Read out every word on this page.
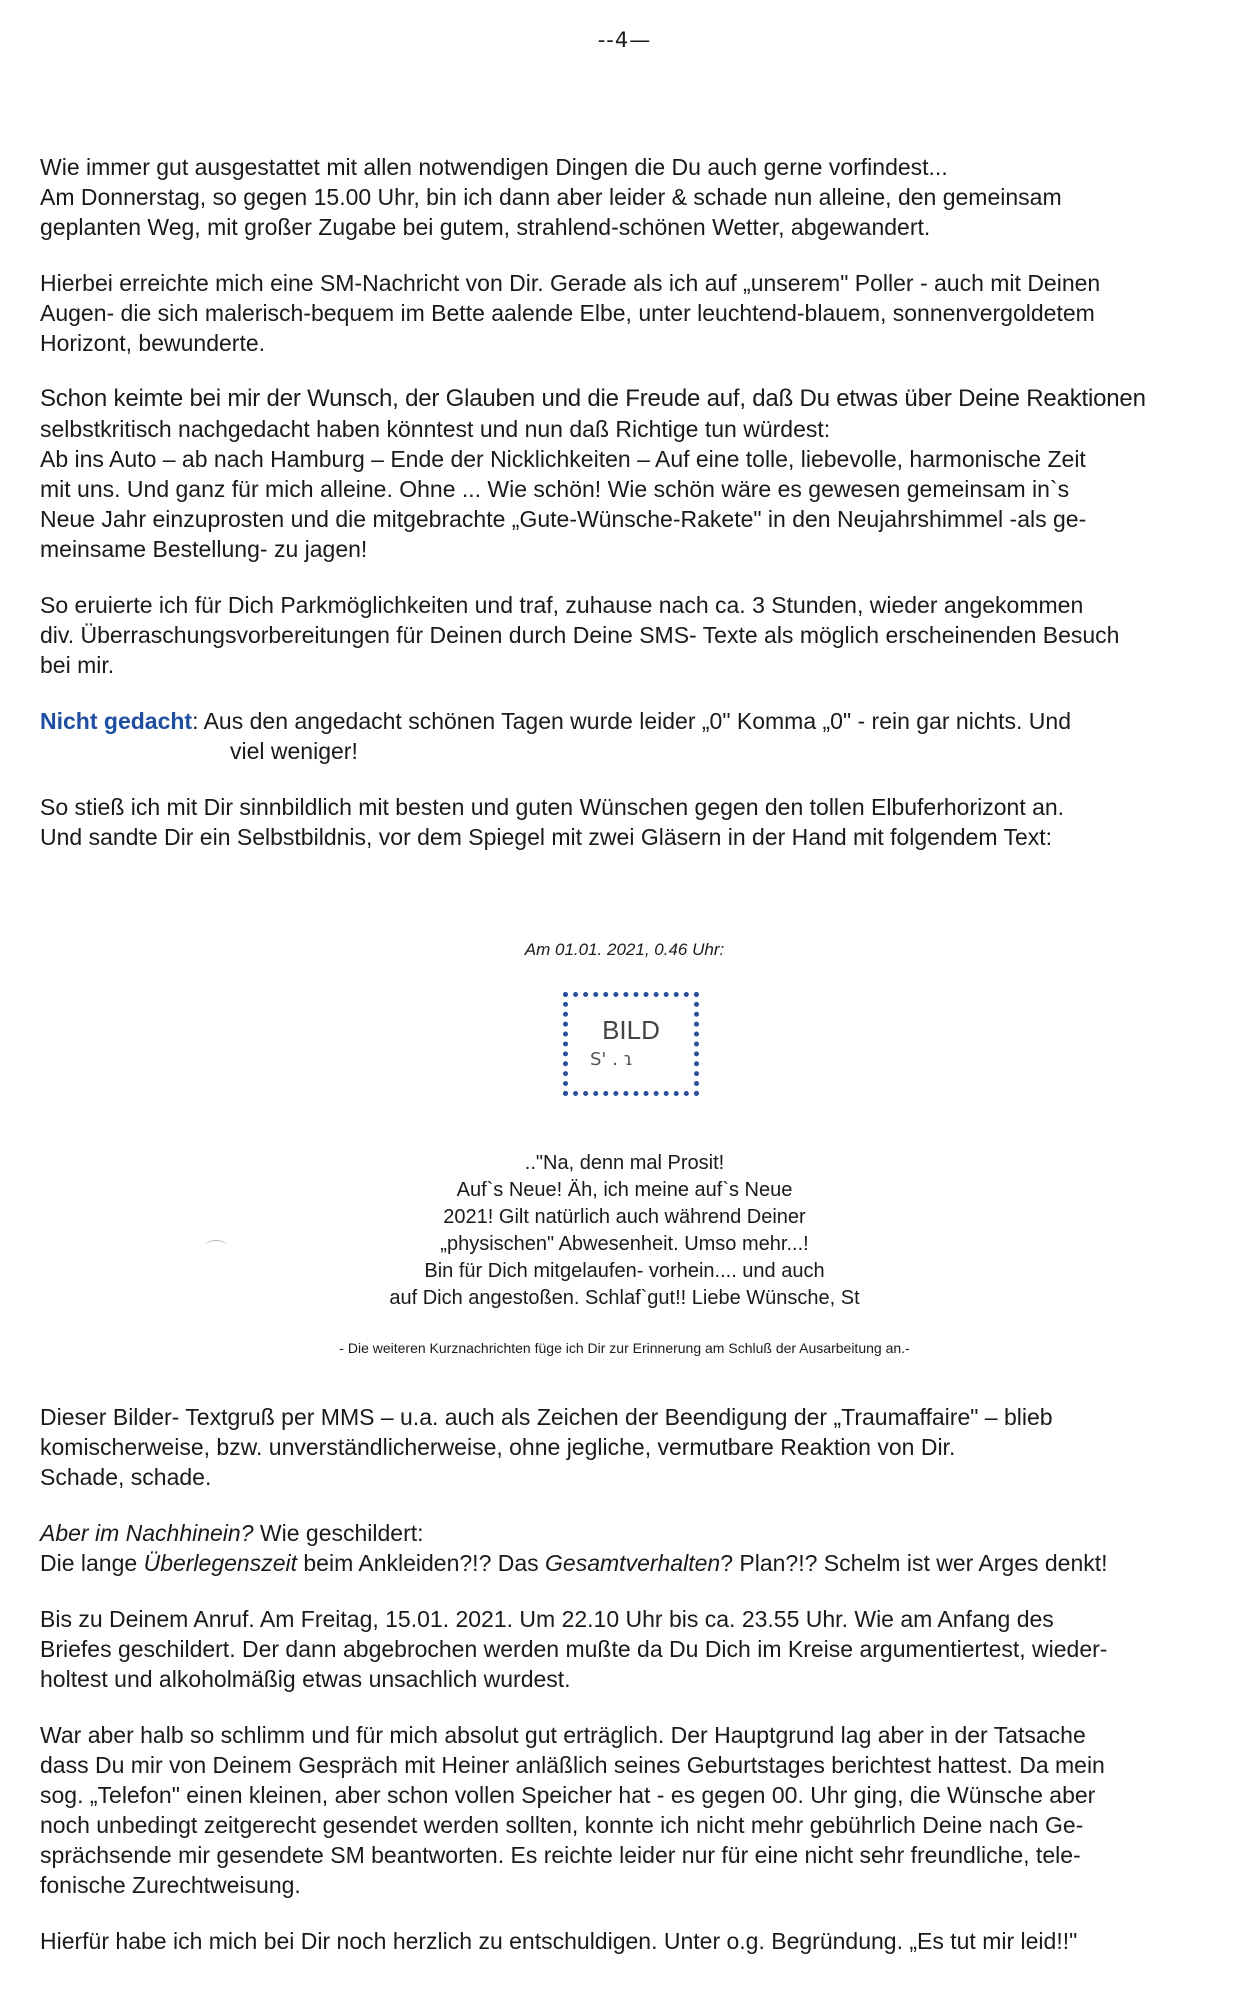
--4—
Wie immer gut ausgestattet mit allen notwendigen Dingen die Du auch gerne vorfindest...
Am Donnerstag, so gegen 15.00 Uhr, bin ich dann aber leider & schade nun alleine, den gemeinsam
geplanten Weg, mit großer Zugabe bei gutem, strahlend-schönen Wetter, abgewandert.
Hierbei erreichte mich eine SM-Nachricht von Dir. Gerade als ich auf „unserem" Poller - auch mit Deinen
Augen- die sich malerisch-bequem im Bette aalende Elbe, unter leuchtend-blauem, sonnenvergoldetem
Horizont, bewunderte.
Schon keimte bei mir der Wunsch, der Glauben und die Freude auf, daß Du etwas über Deine Reaktionen
selbstkritisch nachgedacht haben könntest und nun daß Richtige tun würdest:
Ab ins Auto – ab nach Hamburg – Ende der Nicklichkeiten – Auf eine tolle, liebevolle, harmonische Zeit
mit uns. Und ganz für mich alleine. Ohne ... Wie schön! Wie schön wäre es gewesen gemeinsam in`s
Neue Jahr einzuprosten und die mitgebrachte „Gute-Wünsche-Rakete" in den Neujahrshimmel -als ge-
meinsame Bestellung- zu jagen!
So eruierte ich für Dich Parkmöglichkeiten und traf, zuhause nach ca. 3 Stunden, wieder angekommen
div. Überraschungsvorbereitungen für Deinen durch Deine SMS- Texte als möglich erscheinenden Besuch
bei mir.
Nicht gedacht: Aus den angedacht schönen Tagen wurde leider „0" Komma „0" - rein gar nichts. Und
viel weniger!
So stieß ich mit Dir sinnbildlich mit besten und guten Wünschen gegen den tollen Elbuferhorizont an.
Und sandte Dir ein Selbstbildnis, vor dem Spiegel mit zwei Gläsern in der Hand mit folgendem Text:
Am 01.01. 2021, 0.46 Uhr:
BILD
S' . ɿ
.."Na, denn mal Prosit!
Auf`s Neue! Äh, ich meine auf`s Neue
2021! Gilt natürlich auch während Deiner
„physischen" Abwesenheit. Umso mehr...!
Bin für Dich mitgelaufen- vorhein.... und auch
auf Dich angestoßen. Schlaf`gut!! Liebe Wünsche, St
- Die weiteren Kurznachrichten füge ich Dir zur Erinnerung am Schluß der Ausarbeitung an.-
Dieser Bilder- Textgruß per MMS – u.a. auch als Zeichen der Beendigung der „Traumaffaire" – blieb
komischerweise, bzw. unverständlicherweise, ohne jegliche, vermutbare Reaktion von Dir.
Schade, schade.
Aber im Nachhinein? Wie geschildert:
Die lange Überlegenszeit beim Ankleiden?!? Das Gesamtverhalten? Plan?!? Schelm ist wer Arges denkt!
Bis zu Deinem Anruf. Am Freitag, 15.01. 2021. Um 22.10 Uhr bis ca. 23.55 Uhr. Wie am Anfang des
Briefes geschildert. Der dann abgebrochen werden mußte da Du Dich im Kreise argumentiertest, wieder-
holtest und alkoholmäßig etwas unsachlich wurdest.
War aber halb so schlimm und für mich absolut gut erträglich. Der Hauptgrund lag aber in der Tatsache
dass Du mir von Deinem Gespräch mit Heiner anläßlich seines Geburtstages berichtest hattest. Da mein
sog. „Telefon" einen kleinen, aber schon vollen Speicher hat - es gegen 00. Uhr ging, die Wünsche aber
noch unbedingt zeitgerecht gesendet werden sollten, konnte ich nicht mehr gebührlich Deine nach Ge-
sprächsende mir gesendete SM beantworten. Es reichte leider nur für eine nicht sehr freundliche, tele-
fonische Zurechtweisung.
Hierfür habe ich mich bei Dir noch herzlich zu entschuldigen. Unter o.g. Begründung. „Es tut mir leid!!"
